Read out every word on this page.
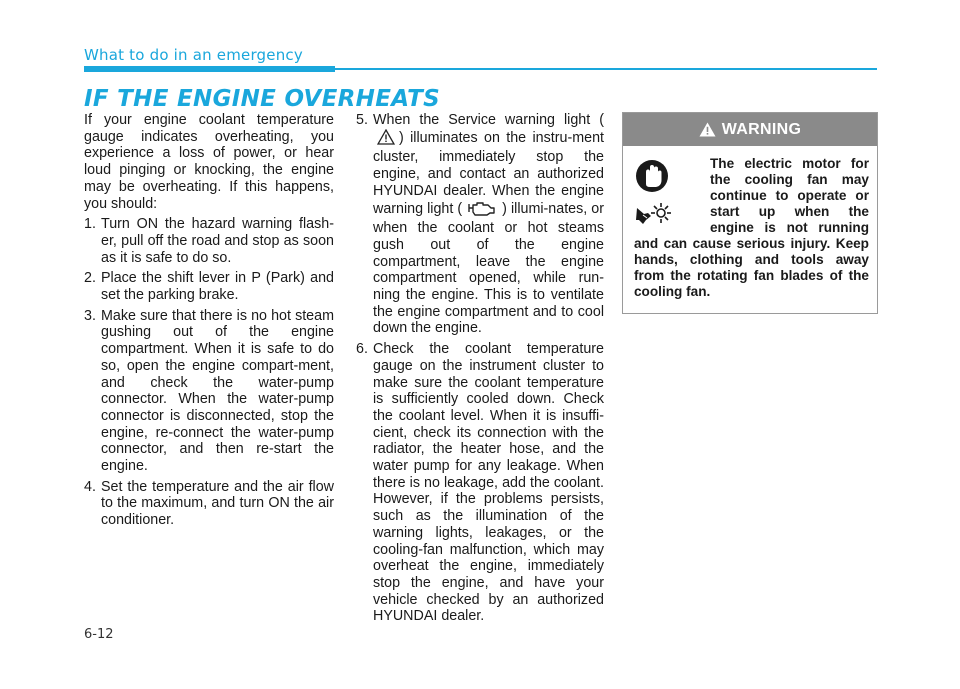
What to do in an emergency
IF THE ENGINE OVERHEATS

If your engine coolant temperature gauge indicates overheating, you experience a loss of power, or hear loud pinging or knocking, the engine may be overheating. If this happens, you should:

1. Turn ON the hazard warning flash-er, pull off the road and stop as soon as it is safe to do so.
2. Place the shift lever in P (Park) and set the parking brake.
3. Make sure that there is no hot steam gushing out of the engine compartment. When it is safe to do so, open the engine compart-ment, and check the water-pump connector. When the water-pump connector is disconnected, stop the engine, re-connect the water-pump connector, and then re-start the engine.
4. Set the temperature and the air flow to the maximum, and turn ON the air conditioner.
5. When the Service warning light () illuminates on the instru-ment cluster, immediately stop the engine, and contact an authorized HYUNDAI dealer. When the engine warning light (	) illumi-nates, or when the coolant or hot steams gush out of the engine compartment, leave the engine compartment opened, while run-ning the engine. This is to ventilate the engine compartment and to cool down the engine.
6. Check the coolant temperature gauge on the instrument cluster to make sure the coolant temperature is sufficiently cooled down. Check the coolant level. When it is insuffi-cient, check its connection with the radiator, the heater hose, and the water pump for any leakage. When there is no leakage, add the coolant. However, if the problems persists, such as the illumination of the warning lights, leakages, or the cooling-fan malfunction, which may overheat the engine, immediately stop the engine, and have your vehicle checked by an authorized HYUNDAI dealer.
WARNING
The electric motor for the cooling fan may continue to operate or start up when the engine is not running and can cause serious injury. Keep hands, clothing and tools away from the rotating fan blades of the cooling fan.
6-12
